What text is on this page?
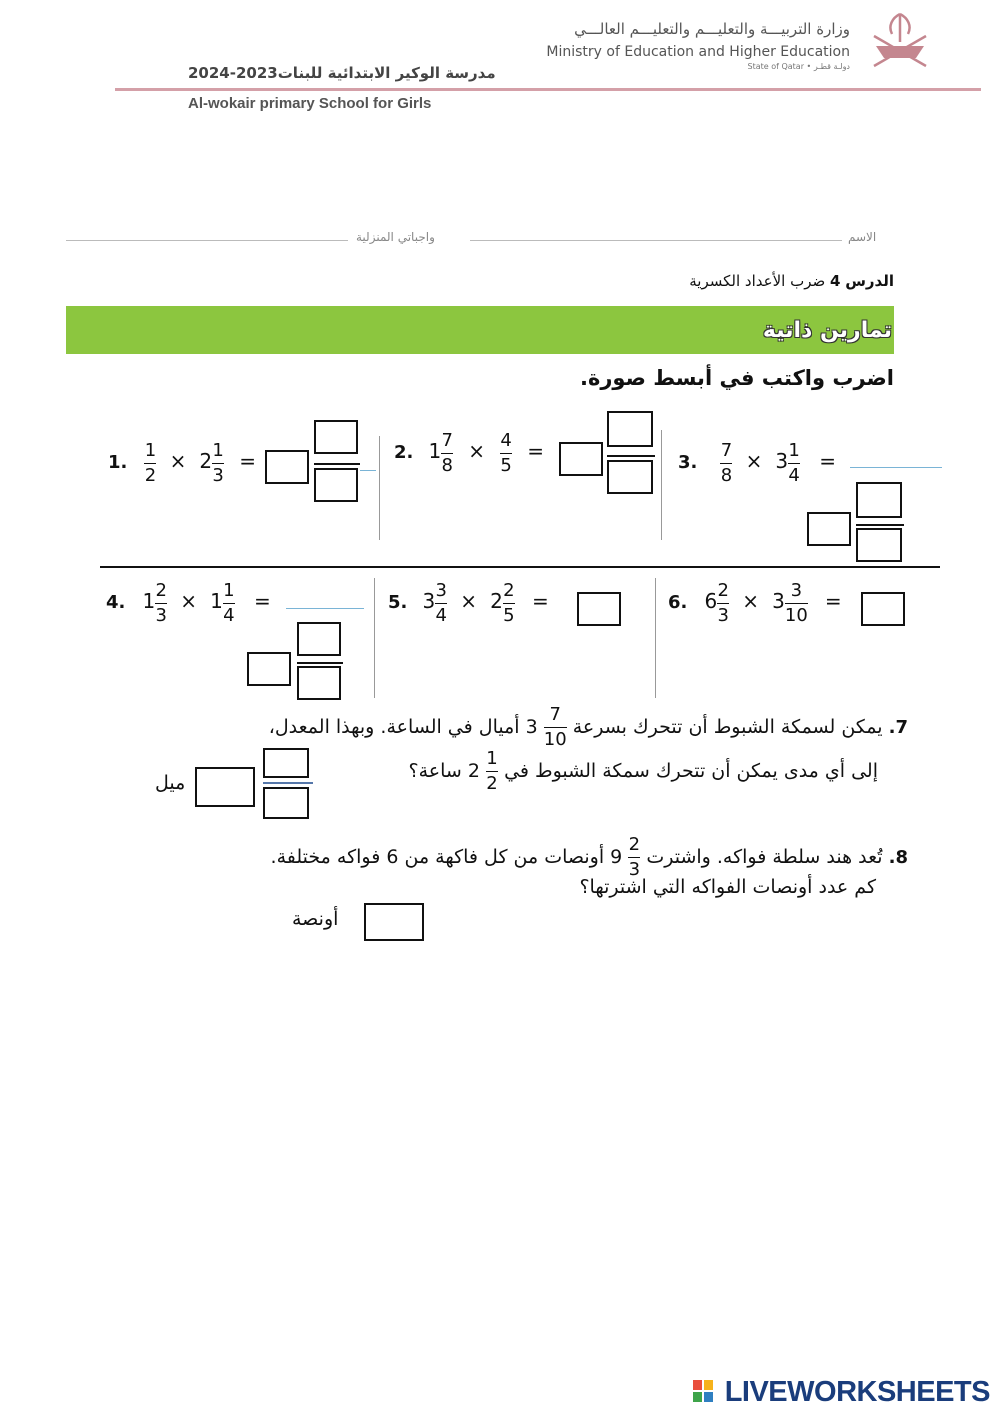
وزارة التربيـــة والتعليـــم والتعليـــم العالـــي
Ministry of Education and Higher Education
State of Qatar • دولـة قطـر
مدرسة الوكير الابتدائية للبنات2023-2024
Al-wokair primary School for Girls
الاسم
واجباتي المنزلية
الدرس 4 ضرب الأعداد الكسرية
تمارين ذاتية
اضرب واكتب في أبسط صورة.
1. $\frac{1}{2} \times 2 \frac{1}{3}$ =	2. $1 \frac{7}{8} \times \frac{4}{5}$ =	3. $\frac{7}{8} \times 3 \frac{1}{4}$ =
4. $1 \frac{2}{3} \times 1 \frac{1}{4}$ =	5. $3 \frac{3}{4} \times 2 \frac{2}{5}$ =	6. $6 \frac{2}{3} \times 3 \frac{3}{10}$ =
7. يمكن لسمكة الشبوط أن تتحرك بسرعة
$\frac{7}{10}$
3 أميال في الساعة. وبهذا المعدل،
إلى أي مدى يمكن أن تتحرك سمكة الشبوط في
$\frac{1}{2}$
2 ساعة؟
ميل
8. تُعد هند سلطة فواكه. واشترت
$\frac{2}{3}$
9 أونصات من كل فاكهة من 6 فواكه مختلفة.
كم عدد أونصات الفواكه التي اشترتها؟
أونصة
LIVEWORKSHEETS
